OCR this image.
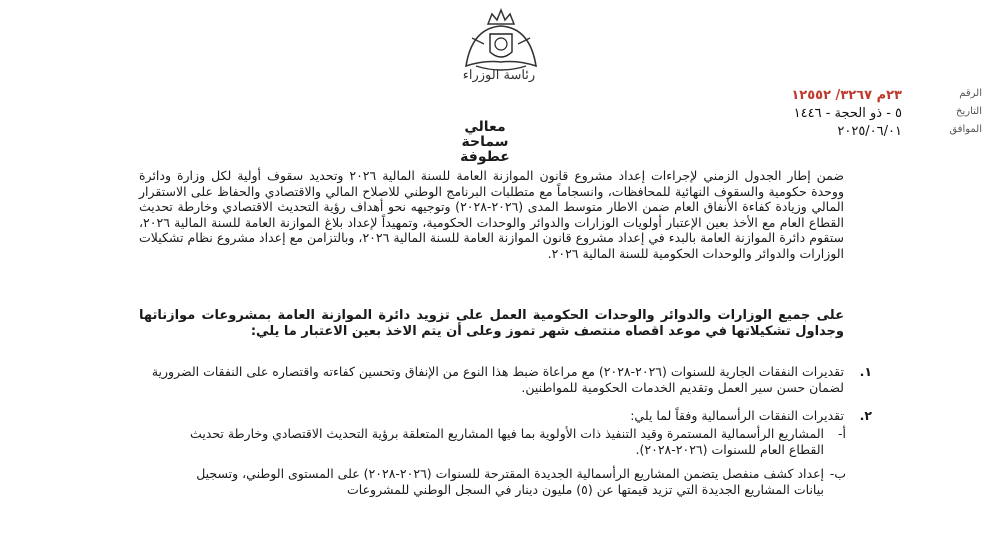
رئاسة الوزراء
الرقم
٢٣م ٣٢٦٧/ ١٢٥٥٢
التاريخ
٥ - ذو الحجة - ١٤٤٦
الموافق
٢٠٢٥/٠٦/٠١
معالي
سماحة
عطوفة
ضمن إطار الجدول الزمني لإجراءات إعداد مشروع قانون الموازنة العامة للسنة المالية ٢٠٢٦ وتحديد سقوف أولية لكل وزارة ودائرة ووحدة حكومية والسقوف النهائية للمحافظات، وانسجاماً مع متطلبات البرنامج الوطني للاصلاح المالي والاقتصادي والحفاظ على الاستقرار المالي وزيادة كفاءة الأنفاق العام ضمن الاطار متوسط المدى (٢٠٢٦-٢٠٢٨) وتوجيهه نحو أهداف رؤية التحديث الاقتصادي وخارطة تحديث القطاع العام مع الأخذ بعين الإعتبار أولويات الوزارات والدوائر والوحدات الحكومية، وتمهيداً لإعداد بلاغ الموازنة العامة للسنة المالية ٢٠٢٦، ستقوم دائرة الموازنة العامة بالبدء في إعداد مشروع قانون الموازنة العامة للسنة المالية ٢٠٢٦، وبالتزامن مع إعداد مشروع نظام تشكيلات الوزارات والدوائر والوحدات الحكومية للسنة المالية ٢٠٢٦.
على جميع الوزارات والدوائر والوحدات الحكومية العمل على تزويد دائرة الموازنة العامة بمشروعات موازناتها وجداول تشكيلاتها في موعد اقصاه منتصف شهر تموز وعلى أن يتم الاخذ بعين الاعتبار ما يلي:
١.
تقديرات النفقات الجارية للسنوات (٢٠٢٦-٢٠٢٨) مع مراعاة ضبط هذا النوع من الإنفاق وتحسين كفاءته واقتصاره على النفقات الضرورية لضمان حسن سير العمل وتقديم الخدمات الحكومية للمواطنين.
٢.
تقديرات النفقات الرأسمالية وفقاً لما يلي:
أ-
المشاريع الرأسمالية المستمرة وقيد التنفيذ ذات الأولوية بما فيها المشاريع المتعلقة برؤية التحديث الاقتصادي وخارطة تحديث القطاع العام للسنوات (٢٠٢٦-٢٠٢٨).
ب-
إعداد كشف منفصل يتضمن المشاريع الرأسمالية الجديدة المقترحة للسنوات (٢٠٢٦-٢٠٢٨) على المستوى الوطني، وتسجيل بيانات المشاريع الجديدة التي تزيد قيمتها عن (٥) مليون دينار في السجل الوطني للمشروعات
